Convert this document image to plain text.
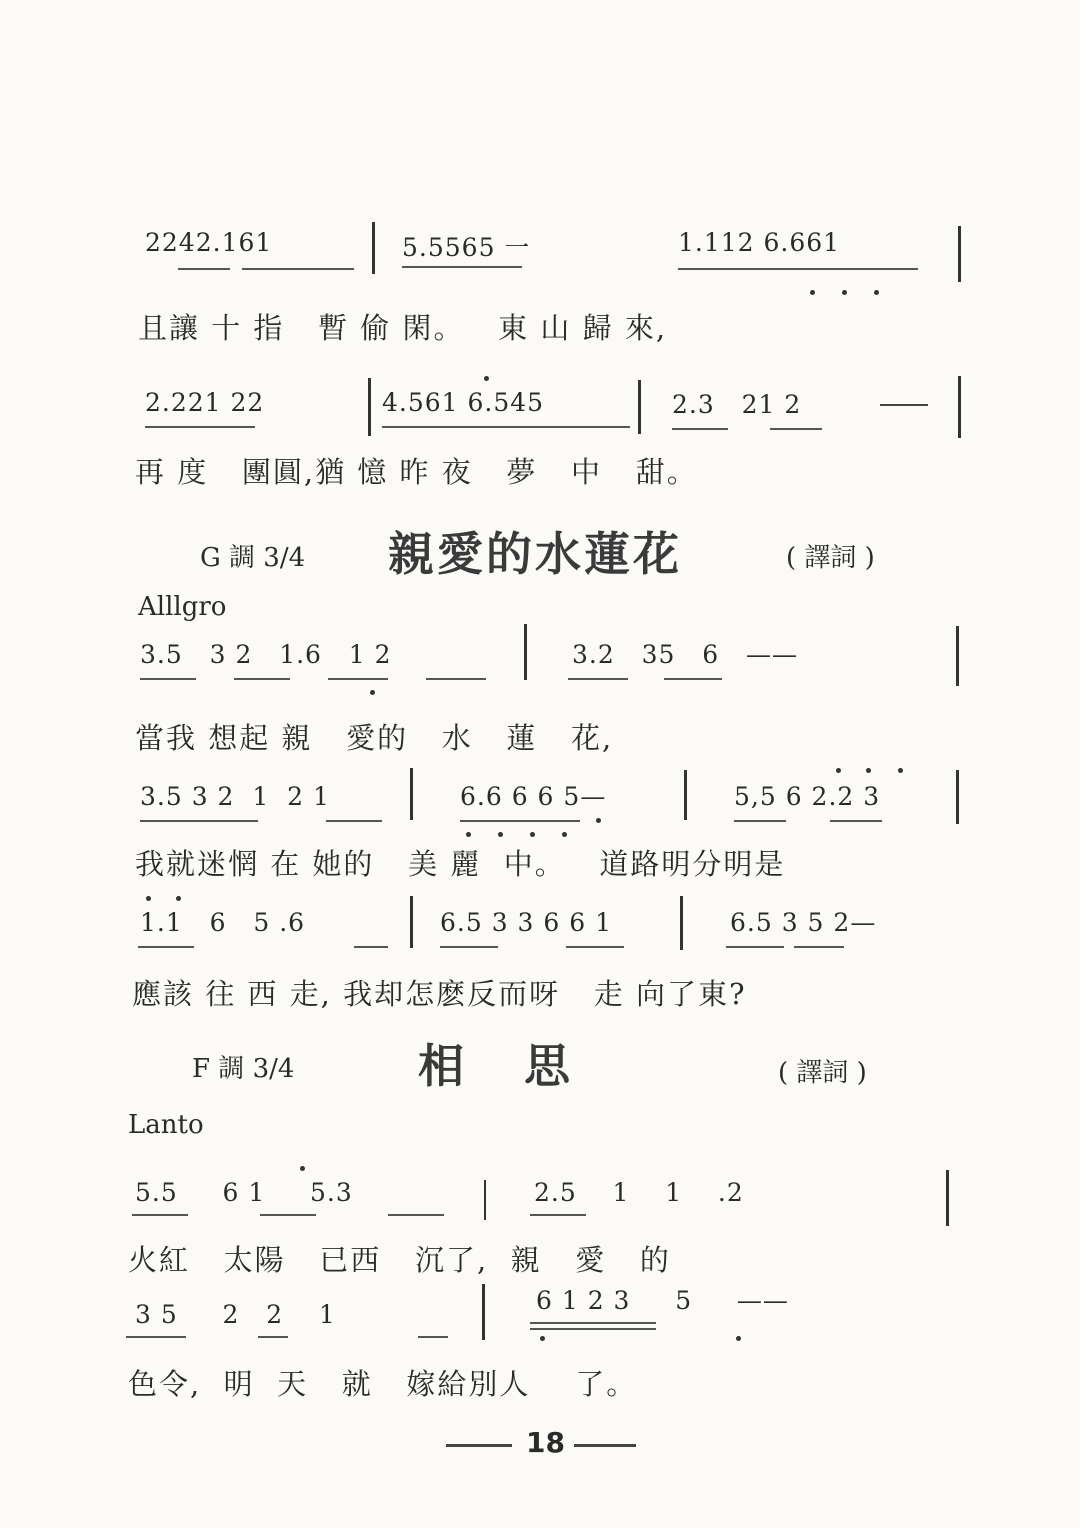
2242.161	5.5565 一	1.112 6.661
且讓 十 指   暫 偷 閑。   東 山 歸 來,
2.221 22	4.561 6.545	2.3   21 2
再 度   團圓,猶 憶 昨 夜   夢   中   甜。
G 調 3/4 親愛的水蓮花	( 譯詞 )
Alllgro
3.5   3 2   1.6   1 2	3.2   35   6   ——
當我 想起 親   愛的   水   蓮   花,
3.5 3 2  1  2 1	6.6 6 6 5—	5,5 6 2.2 3
我就迷惘 在 她的   美 麗  中。   道路明分明是
1.1   6   5 .6	6.5 3 3 6 6 1	6.5 3 5 2—
應該 往 西 走, 我却怎麽反而呀   走 向了東?
F 調 3/4	相   思	( 譯詞 )
Lanto
5.5     6 1     5.3	2.5    1    1    .2
火紅   太陽   已西   沉了,  親   愛   的
3 5     2   2    1	6 1 2 3     5     ——
色令,  明  天   就   嫁給別人    了。
18
